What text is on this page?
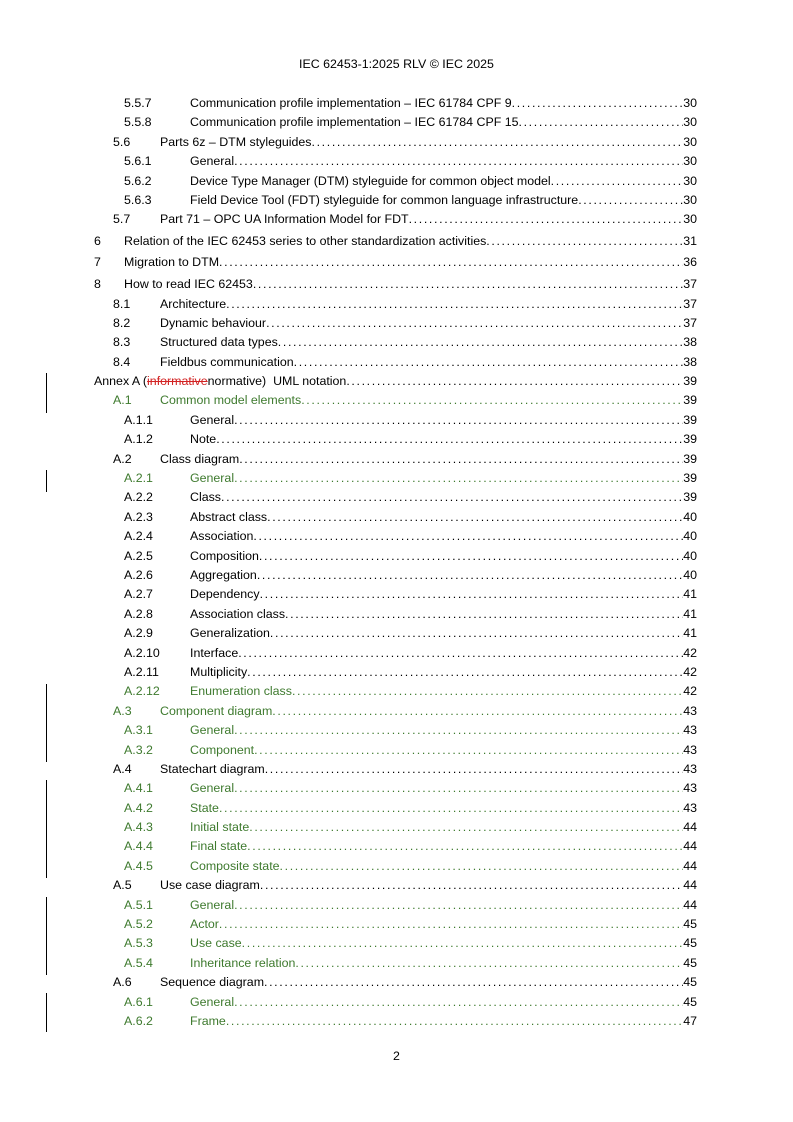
IEC 62453-1:2025 RLV © IEC 2025
5.5.7	Communication profile implementation – IEC 61784 CPF 9 . . .	30
5.5.8	Communication profile implementation – IEC 61784 CPF 15 . . .	30
5.6 Parts 6z – DTM styleguides . . .	30
5.6.1	General . . .	30
5.6.2	Device Type Manager (DTM) styleguide for common object model . . .	30
5.6.3	Field Device Tool (FDT) styleguide for common language infrastructure . . .	30
5.7 Part 71 – OPC UA Information Model for FDT . . .	30
6 Relation of the IEC 62453 series to other standardization activities . . .	31
7 Migration to DTM . . .	36
8 How to read IEC 62453 . . .	37
8.1 Architecture . . .	37
8.2 Dynamic behaviour . . .	37
8.3 Structured data types . . .	38
8.4 Fieldbus communication . . .	38
Annex A (informativenormative)  UML notation . . .	39
A.1 Common model elements . . .	39
A.1.1	General . . .	39
A.1.2	Note . . .	39
A.2 Class diagram . . .	39
A.2.1	General . . .	39
A.2.2	Class . . .	39
A.2.3	Abstract class . . .	40
A.2.4	Association . . .	40
A.2.5	Composition . . .	40
A.2.6	Aggregation . . .	40
A.2.7	Dependency . . .	41
A.2.8	Association class . . .	41
A.2.9	Generalization . . .	41
A.2.10 Interface . . .	42
A.2.11	Multiplicity . . .	42
A.2.12 Enumeration class . . .	42
A.3 Component diagram . . .	43
A.3.1	General . . .	43
A.3.2	Component . . .	43
A.4 Statechart diagram . . .	43
A.4.1	General . . .	43
A.4.2	State . . .	43
A.4.3	Initial state . . .	44
A.4.4	Final state . . .	44
A.4.5	Composite state . . .	44
A.5 Use case diagram . . .	44
A.5.1	General . . .	44
A.5.2	Actor . . .	45
A.5.3	Use case . . .	45
A.5.4	Inheritance relation . . .	45
A.6 Sequence diagram . . .	45
A.6.1	General . . .	45
A.6.2	Frame . . .	47
2
